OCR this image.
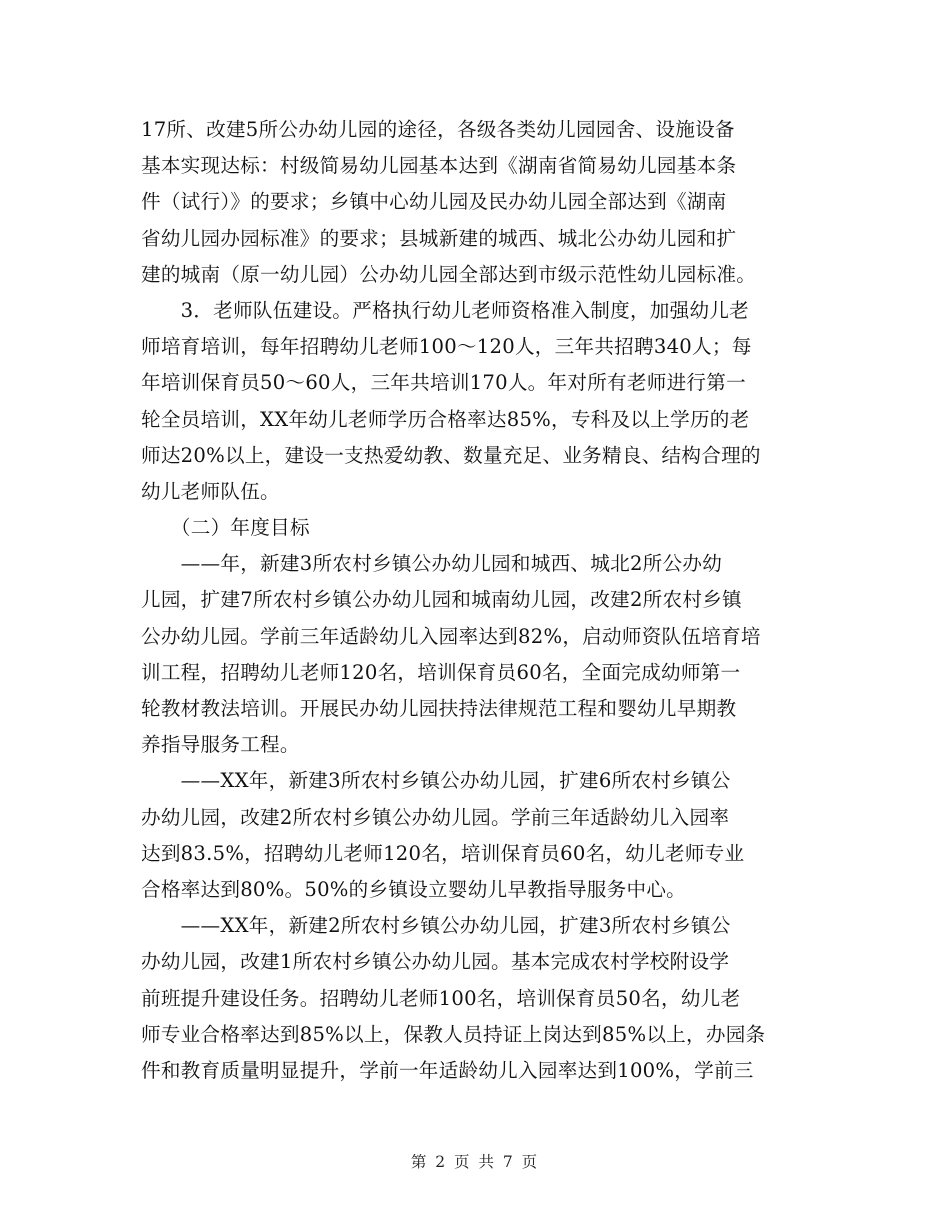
17所、改建5所公办幼儿园的途径，各级各类幼儿园园舍、设施设备
基本实现达标：村级简易幼儿园基本达到《湖南省简易幼儿园基本条
件（试行）》的要求；乡镇中心幼儿园及民办幼儿园全部达到《湖南
省幼儿园办园标准》的要求；县城新建的城西、城北公办幼儿园和扩
建的城南（原一幼儿园）公办幼儿园全部达到市级示范性幼儿园标准。
　　3．老师队伍建设。严格执行幼儿老师资格准入制度，加强幼儿老
师培育培训，每年招聘幼儿老师100～120人，三年共招聘340人；每
年培训保育员50～60人，三年共培训170人。年对所有老师进行第一
轮全员培训，XX年幼儿老师学历合格率达85%，专科及以上学历的老
师达20%以上，建设一支热爱幼教、数量充足、业务精良、结构合理的
幼儿老师队伍。
　　（二）年度目标
　　——年，新建3所农村乡镇公办幼儿园和城西、城北2所公办幼
儿园，扩建7所农村乡镇公办幼儿园和城南幼儿园，改建2所农村乡镇
公办幼儿园。学前三年适龄幼儿入园率达到82%，启动师资队伍培育培
训工程，招聘幼儿老师120名，培训保育员60名，全面完成幼师第一
轮教材教法培训。开展民办幼儿园扶持法律规范工程和婴幼儿早期教
养指导服务工程。
　　——XX年，新建3所农村乡镇公办幼儿园，扩建6所农村乡镇公
办幼儿园，改建2所农村乡镇公办幼儿园。学前三年适龄幼儿入园率
达到83.5%，招聘幼儿老师120名，培训保育员60名，幼儿老师专业
合格率达到80%。50%的乡镇设立婴幼儿早教指导服务中心。
　　——XX年，新建2所农村乡镇公办幼儿园，扩建3所农村乡镇公
办幼儿园，改建1所农村乡镇公办幼儿园。基本完成农村学校附设学
前班提升建设任务。招聘幼儿老师100名，培训保育员50名，幼儿老
师专业合格率达到85%以上，保教人员持证上岗达到85%以上，办园条
件和教育质量明显提升，学前一年适龄幼儿入园率达到100%，学前三
第 2 页 共 7 页
